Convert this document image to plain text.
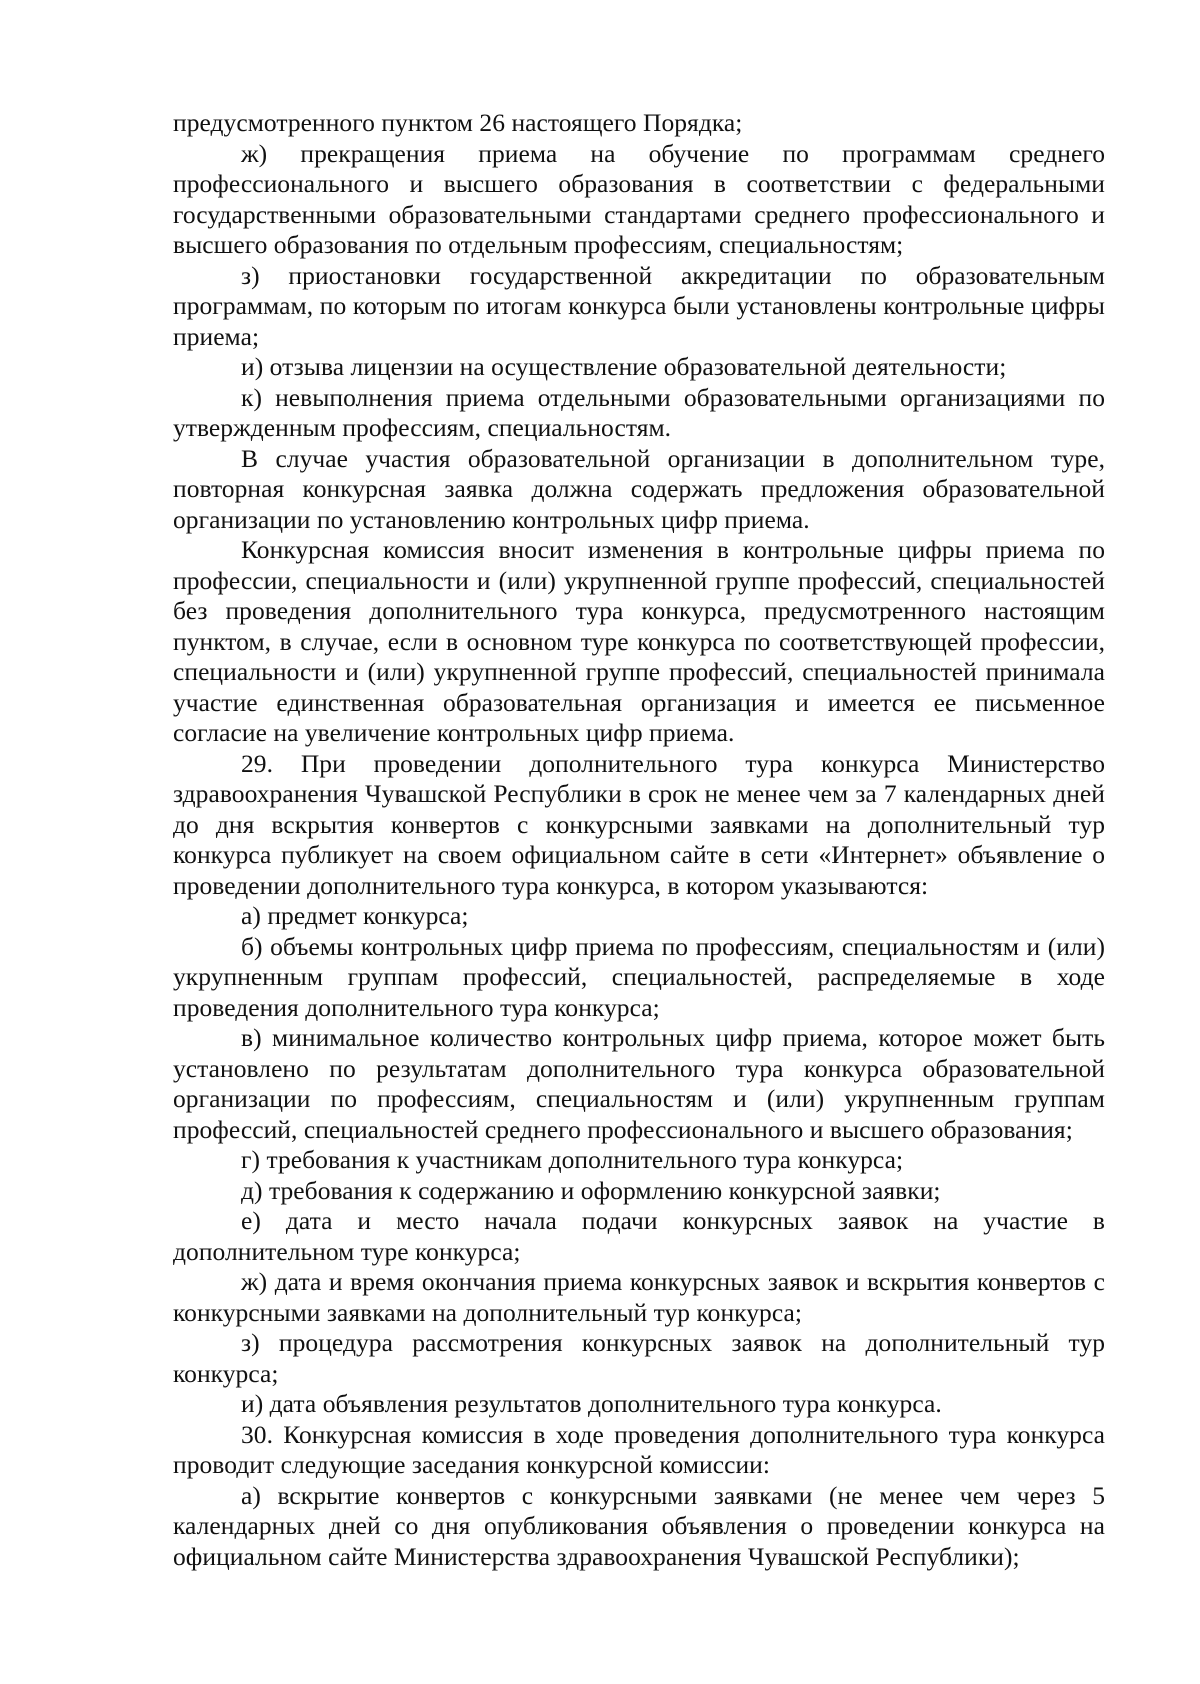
предусмотренного пунктом 26 настоящего Порядка;

ж) прекращения приема на обучение по программам среднего профессионального и высшего образования в соответствии с федеральными государственными образовательными стандартами среднего профессионального и высшего образования по отдельным профессиям, специальностям;

з) приостановки государственной аккредитации по образовательным программам, по которым по итогам конкурса были установлены контрольные цифры приема;

и) отзыва лицензии на осуществление образовательной деятельности;

к) невыполнения приема отдельными образовательными организациями по утвержденным профессиям, специальностям.

В случае участия образовательной организации в дополнительном туре, повторная конкурсная заявка должна содержать предложения образовательной организации по установлению контрольных цифр приема.

Конкурсная комиссия вносит изменения в контрольные цифры приема по профессии, специальности и (или) укрупненной группе профессий, специальностей без проведения дополнительного тура конкурса, предусмотренного настоящим пунктом, в случае, если в основном туре конкурса по соответствующей профессии, специальности и (или) укрупненной группе профессий, специальностей принимала участие единственная образовательная организация и имеется ее письменное согласие на увеличение контрольных цифр приема.

29. При проведении дополнительного тура конкурса Министерство здравоохранения Чувашской Республики в срок не менее чем за 7 календарных дней до дня вскрытия конвертов с конкурсными заявками на дополнительный тур конкурса публикует на своем официальном сайте в сети «Интернет» объявление о проведении дополнительного тура конкурса, в котором указываются:

а) предмет конкурса;

б) объемы контрольных цифр приема по профессиям, специальностям и (или) укрупненным группам профессий, специальностей, распределяемые в ходе проведения дополнительного тура конкурса;

в) минимальное количество контрольных цифр приема, которое может быть установлено по результатам дополнительного тура конкурса образовательной организации по профессиям, специальностям и (или) укрупненным группам профессий, специальностей среднего профессионального и высшего образования;

г) требования к участникам дополнительного тура конкурса;

д) требования к содержанию и оформлению конкурсной заявки;

е) дата и место начала подачи конкурсных заявок на участие в дополнительном туре конкурса;

ж) дата и время окончания приема конкурсных заявок и вскрытия конвертов с конкурсными заявками на дополнительный тур конкурса;

з) процедура рассмотрения конкурсных заявок на дополнительный тур конкурса;

и) дата объявления результатов дополнительного тура конкурса.

30. Конкурсная комиссия в ходе проведения дополнительного тура конкурса проводит следующие заседания конкурсной комиссии:

а) вскрытие конвертов с конкурсными заявками (не менее чем через 5 календарных дней со дня опубликования объявления о проведении конкурса на официальном сайте Министерства здравоохранения Чувашской Республики);
